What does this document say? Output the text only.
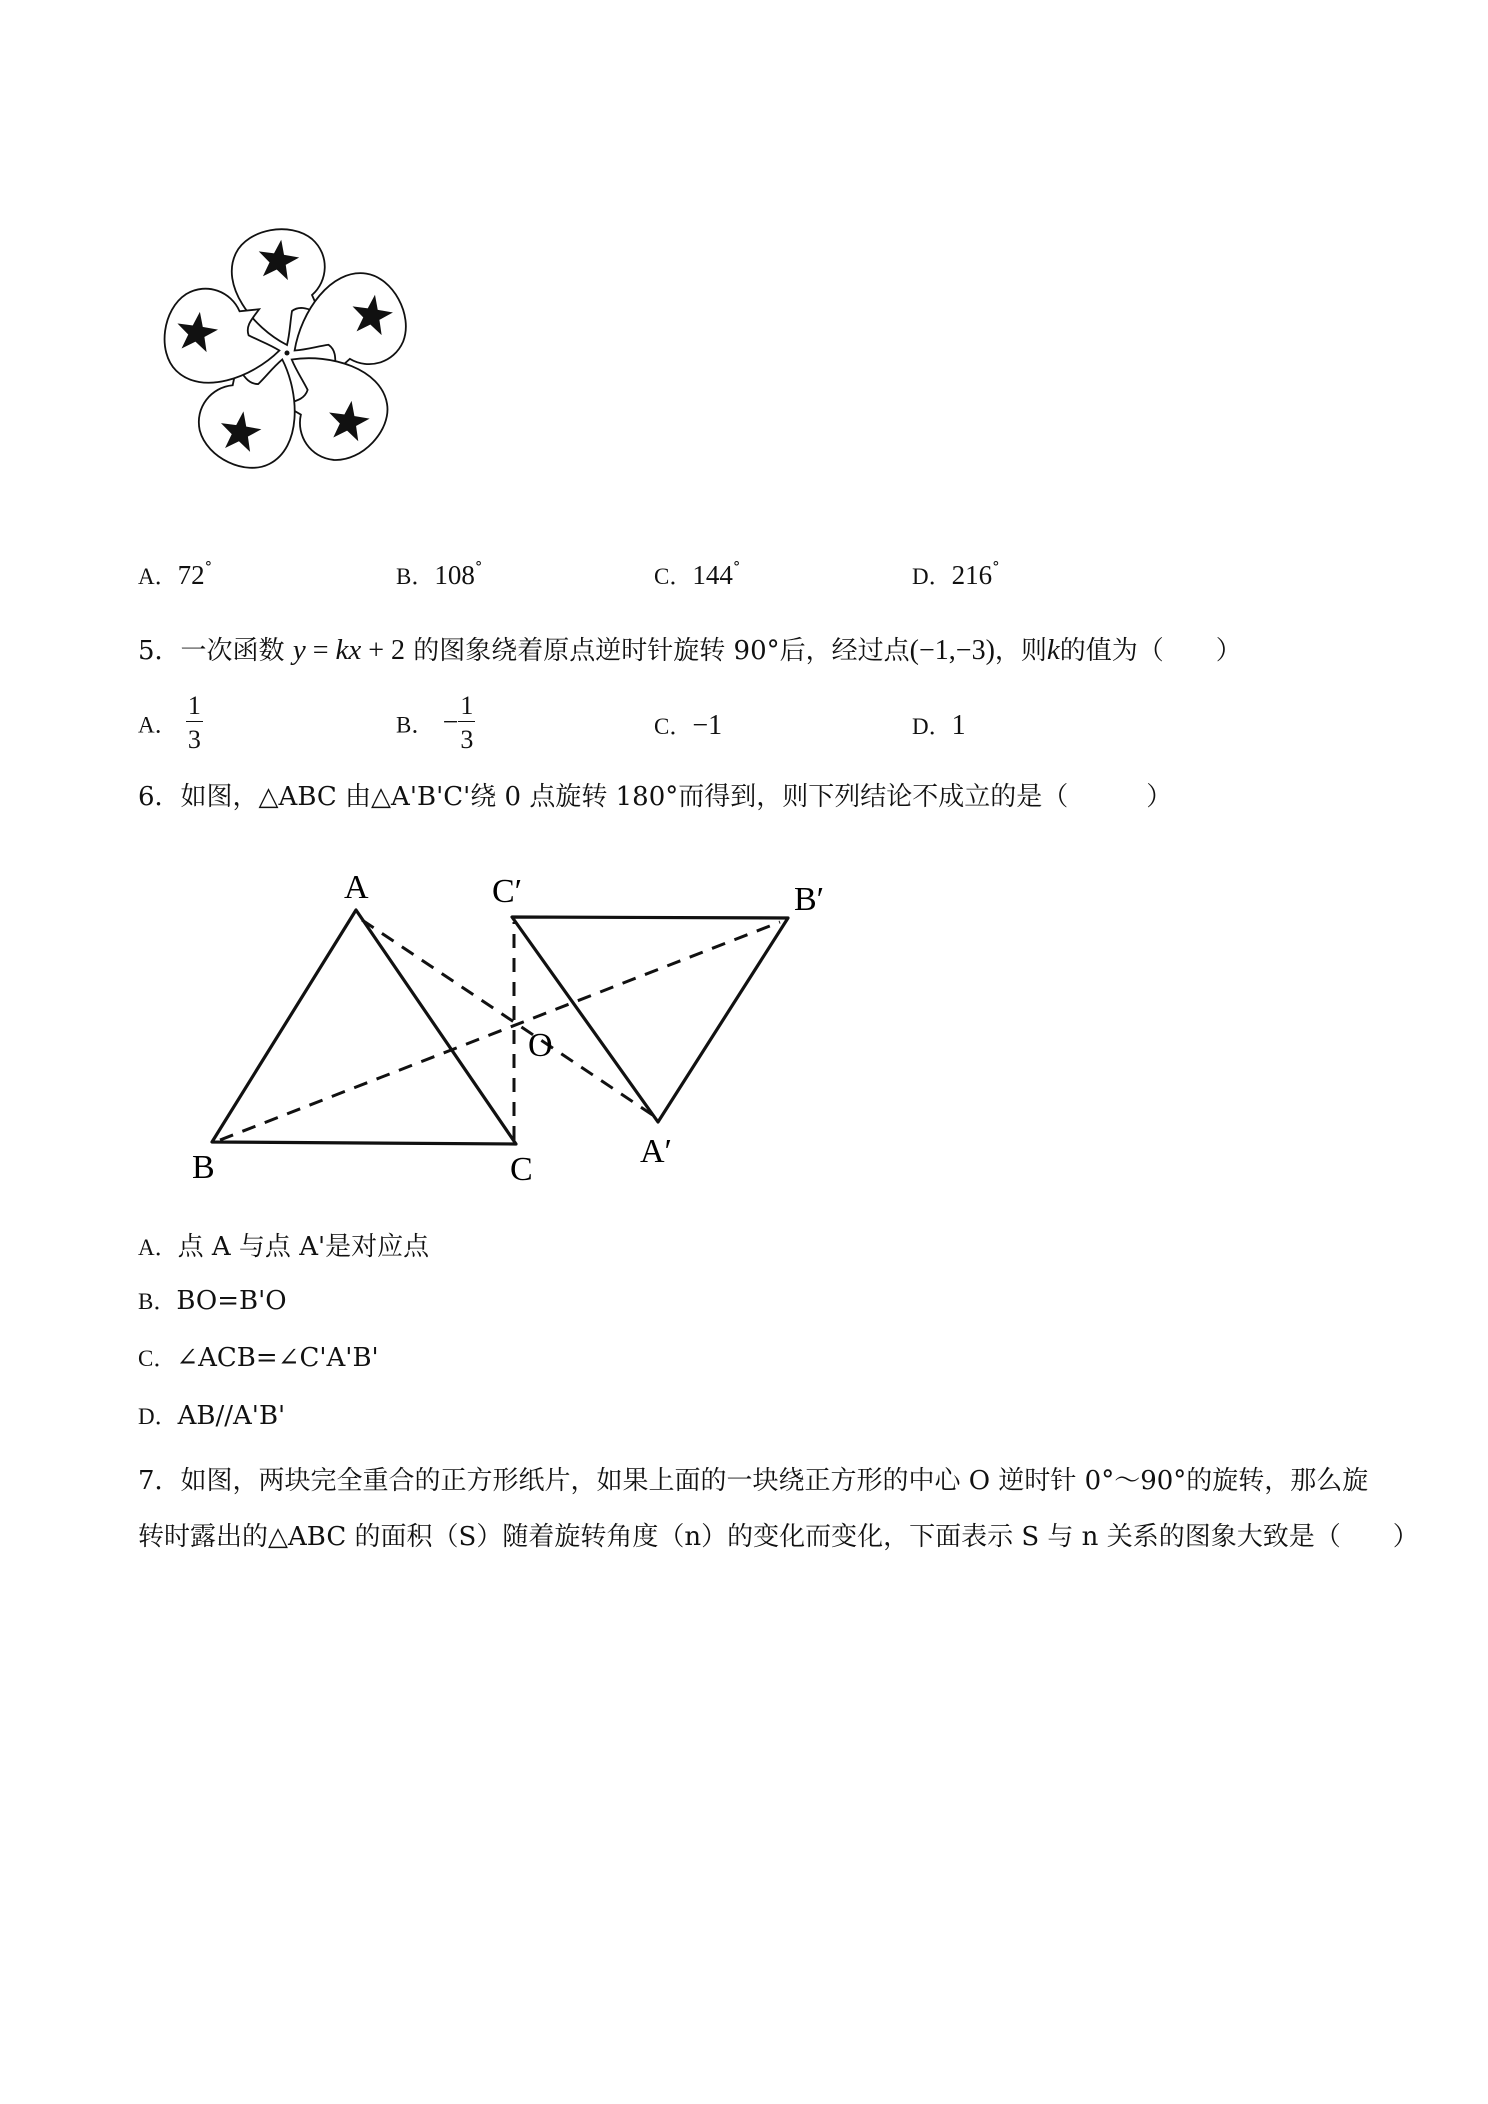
A．72°	B．108°	C．144°	D．216°
5．一次函数 y = kx + 2 的图象绕着原点逆时针旋转 90°后，经过点(−1,−3)，则k的值为（　　）
A． $\frac{1}{3}$	B． − $\frac{1}{3}$	C．−1	D．1
6．如图，△ABC 由△A'B'C'绕 0 点旋转 180°而得到，则下列结论不成立的是（　　　）
A
B	C
C′	B′
A′
O
A．点 A 与点 A'是对应点
B．BO=B'O
C．∠ACB=∠C'A'B'
D．AB//A'B'
7．如图，两块完全重合的正方形纸片，如果上面的一块绕正方形的中心 O 逆时针 0°～90°的旋转，那么旋
转时露出的△ABC 的面积（S）随着旋转角度（n）的变化而变化，下面表示 S 与 n 关系的图象大致是（　　）
